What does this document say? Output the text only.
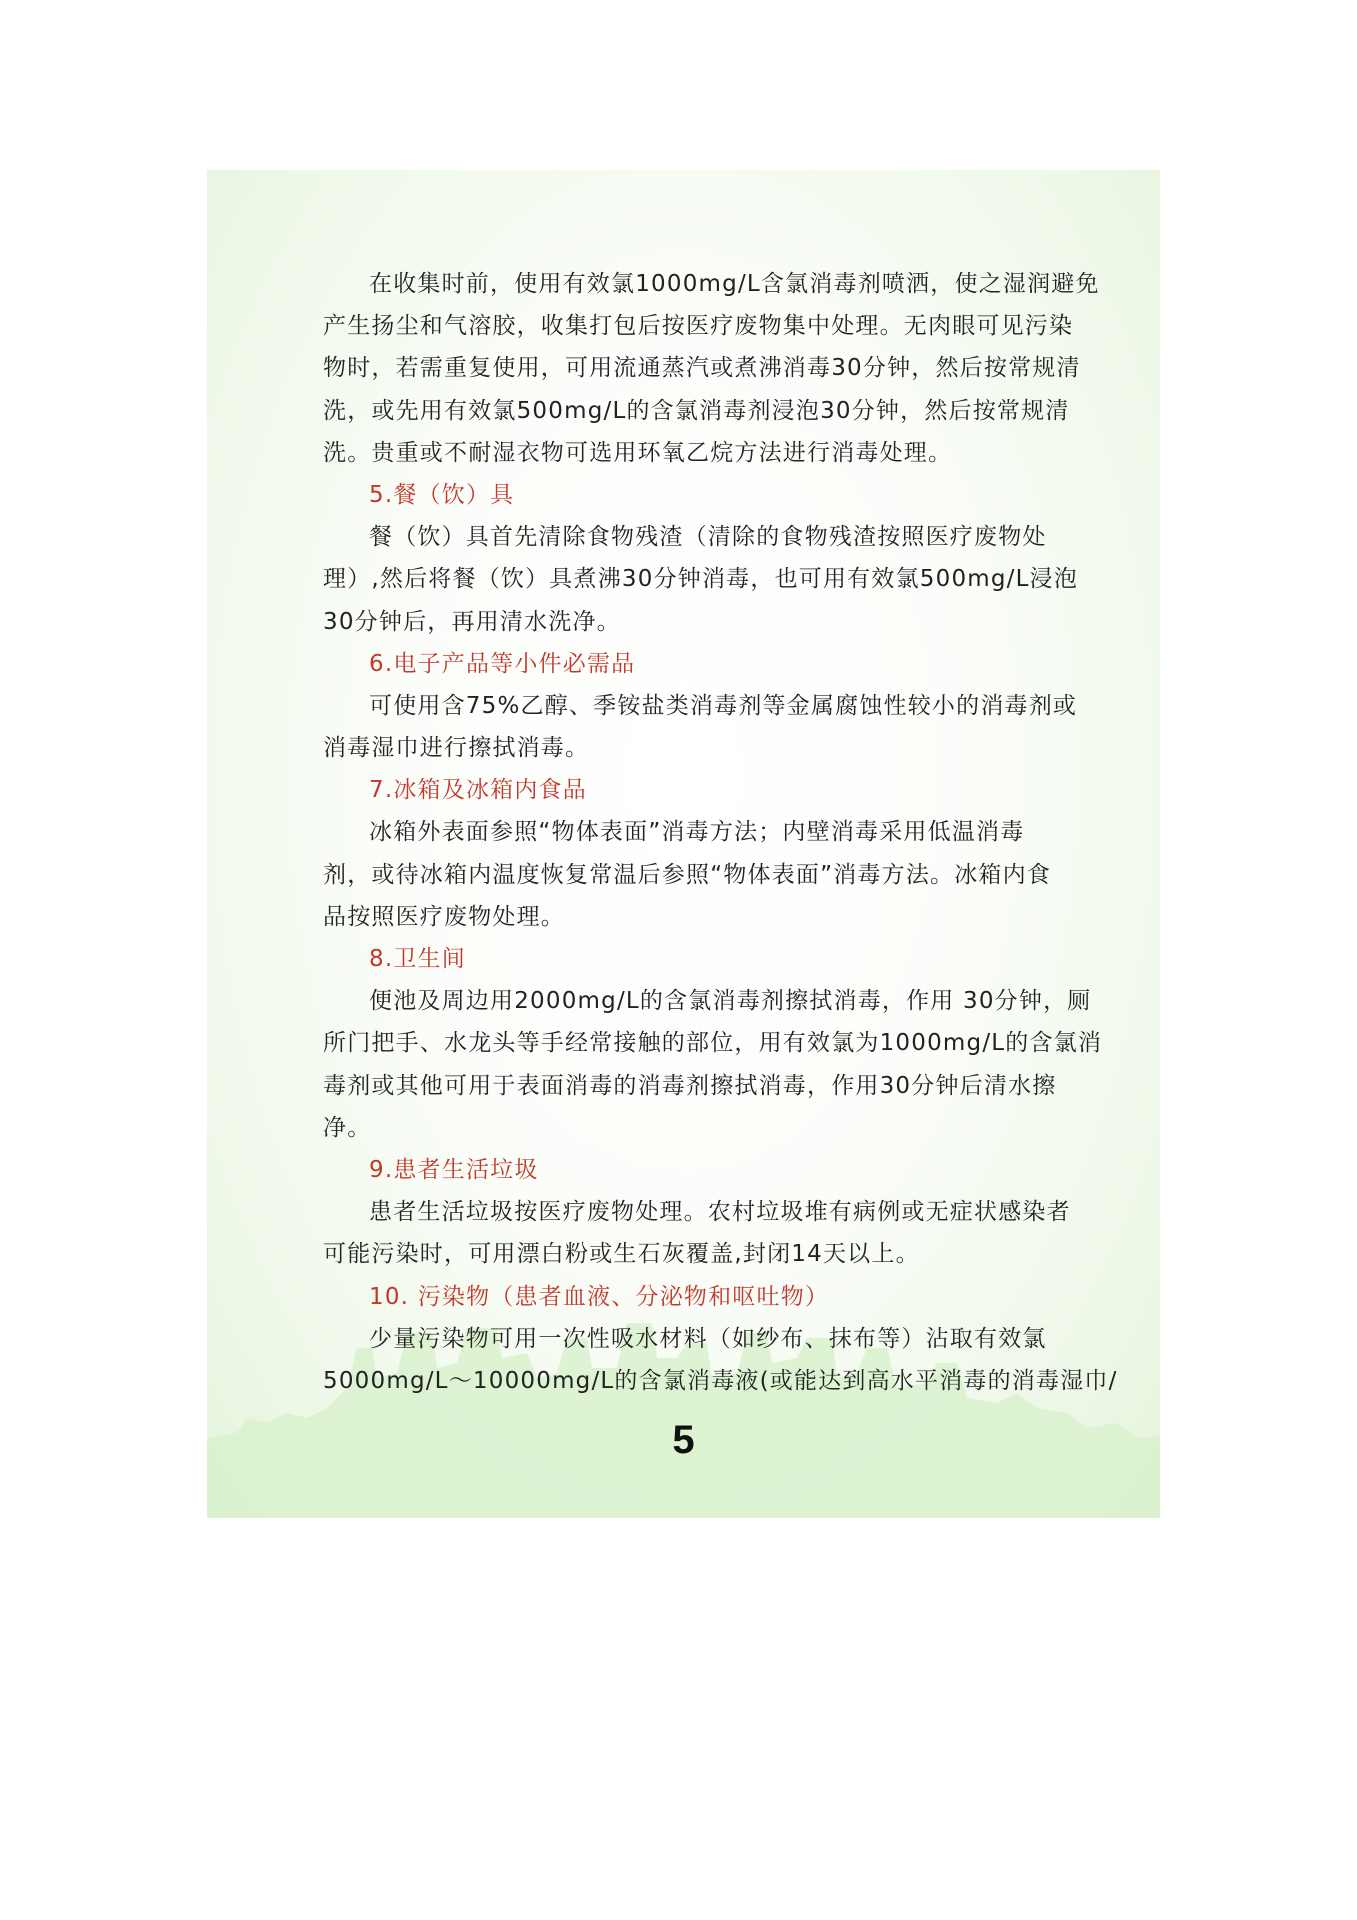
在收集时前，使用有效氯1000mg/L含氯消毒剂喷洒，使之湿润避免
产生扬尘和气溶胶，收集打包后按医疗废物集中处理。无肉眼可见污染
物时，若需重复使用，可用流通蒸汽或煮沸消毒30分钟，然后按常规清
洗，或先用有效氯500mg/L的含氯消毒剂浸泡30分钟，然后按常规清
洗。贵重或不耐湿衣物可选用环氧乙烷方法进行消毒处理。
5.餐（饮）具
餐（饮）具首先清除食物残渣（清除的食物残渣按照医疗废物处
理）,然后将餐（饮）具煮沸30分钟消毒，也可用有效氯500mg/L浸泡
30分钟后，再用清水洗净。
6.电子产品等小件必需品
可使用含75%乙醇、季铵盐类消毒剂等金属腐蚀性较小的消毒剂或
消毒湿巾进行擦拭消毒。
7.冰箱及冰箱内食品
冰箱外表面参照“物体表面”消毒方法；内壁消毒采用低温消毒
剂，或待冰箱内温度恢复常温后参照“物体表面”消毒方法。冰箱内食
品按照医疗废物处理。
8.卫生间
便池及周边用2000mg/L的含氯消毒剂擦拭消毒，作用 30分钟，厕
所门把手、水龙头等手经常接触的部位，用有效氯为1000mg/L的含氯消
毒剂或其他可用于表面消毒的消毒剂擦拭消毒，作用30分钟后清水擦
净。
9.患者生活垃圾
患者生活垃圾按医疗废物处理。农村垃圾堆有病例或无症状感染者
可能污染时，可用漂白粉或生石灰覆盖,封闭14天以上。
10. 污染物（患者血液、分泌物和呕吐物）
少量污染物可用一次性吸水材料（如纱布、抹布等）沾取有效氯
5000mg/L～10000mg/L的含氯消毒液(或能达到高水平消毒的消毒湿巾/
5
